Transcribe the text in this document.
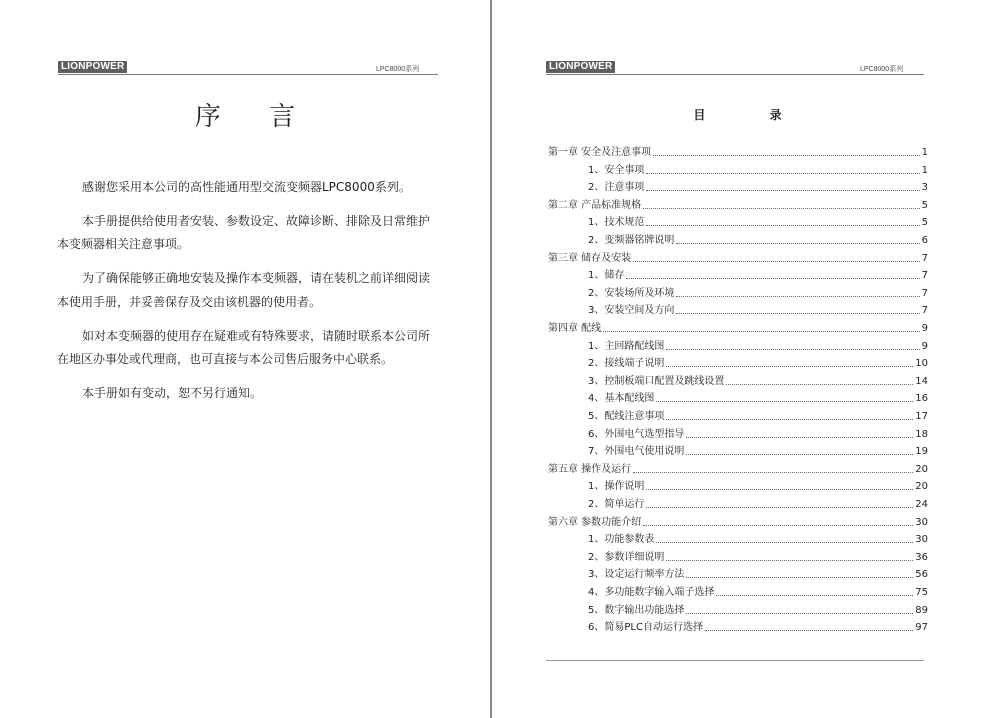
LIONPOWER	LPC8000系列
序 言

感谢您采用本公司的高性能通用型交流变频器LPC8000系列。

本手册提供给使用者安装、参数设定、故障诊断、排除及日常维护本变频器相关注意事项。

为了确保能够正确地安装及操作本变频器，请在装机之前详细阅读本使用手册，并妥善保存及交由该机器的使用者。

如对本变频器的使用存在疑难或有特殊要求，请随时联系本公司所在地区办事处或代理商，也可直接与本公司售后服务中心联系。

本手册如有变动，恕不另行通知。

LIONPOWER	LPC8000系列
目 录
第一章 安全及注意事项	1
1、安全事项	1
2、注意事项	3
第二章 产品标准规格	5
1、技术规范	5
2、变频器铭牌说明	6
第三章 储存及安装	7
1、储存	7
2、安装场所及环境	7
3、安装空间及方向	7
第四章 配线	9
1、主回路配线图	9
2、接线端子说明	10
3、控制板端口配置及跳线设置	14
4、基本配线图	16
5、配线注意事项	17
6、外围电气选型指导	18
7、外围电气使用说明	19
第五章 操作及运行	20
1、操作说明	20
2、简单运行	24
第六章 参数功能介绍	30
1、功能参数表	30
2、参数详细说明	36
3、设定运行频率方法	56
4、多功能数字输入端子选择	75
5、数字输出功能选择	89
6、简易PLC自动运行选择	97
